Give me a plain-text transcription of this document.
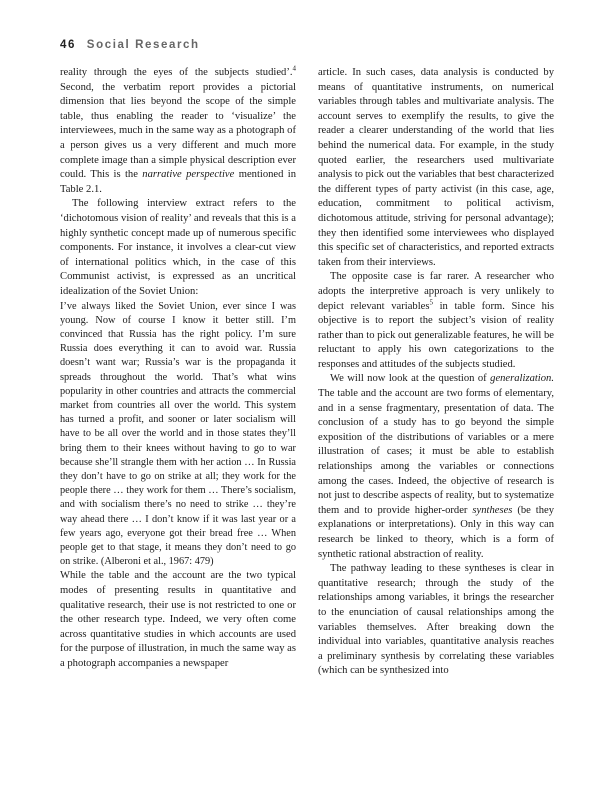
46 Social Research

reality through the eyes of the subjects studied’.$^4$ Second, the verbatim report provides a pictorial dimension that lies beyond the scope of the simple table, thus enabling the reader to ‘visualize’ the interviewees, much in the same way as a photograph of a person gives us a very different and much more complete image than a simple physical description ever could. This is the narrative perspective mentioned in Table 2.1.

The following interview extract refers to the ‘dichotomous vision of reality’ and reveals that this is a highly synthetic concept made up of numerous specific components. For instance, it involves a clear-cut view of international politics which, in the case of this Communist activist, is expressed as an uncritical idealization of the Soviet Union:

I’ve always liked the Soviet Union, ever since I was young. Now of course I know it better still. I’m convinced that Russia has the right policy. I’m sure Russia does everything it can to avoid war. Russia doesn’t want war; Russia’s war is the propaganda it spreads throughout the world. That’s what wins popularity in other countries and attracts the commercial market from countries all over the world. This system has turned a profit, and sooner or later socialism will have to be all over the world and in those states they’ll bring them to their knees without having to go to war because she’ll strangle them with her action … In Russia they don’t have to go on strike at all; they work for the people there … they work for them … There’s socialism, and with socialism there’s no need to strike … they’re way ahead there … I don’t know if it was last year or a few years ago, everyone got their bread free … When people get to that stage, it means they don’t need to go on strike. (Alberoni et al., 1967: 479)

While the table and the account are the two typical modes of presenting results in quantitative and qualitative research, their use is not restricted to one or the other research type. Indeed, we very often come across quantitative studies in which accounts are used for the purpose of illustration, in much the same way as a photograph accompanies a newspaper

article. In such cases, data analysis is conducted by means of quantitative instruments, on numerical variables through tables and multivariate analysis. The account serves to exemplify the results, to give the reader a clearer understanding of the world that lies behind the numerical data. For example, in the study quoted earlier, the researchers used multivariate analysis to pick out the variables that best characterized the different types of party activist (in this case, age, education, commitment to political activism, dichotomous attitude, striving for personal advantage); they then identified some interviewees who displayed this specific set of characteristics, and reported extracts taken from their interviews.

The opposite case is far rarer. A researcher who adopts the interpretive approach is very unlikely to depict relevant variables$^5$ in table form. Since his objective is to report the subject’s vision of reality rather than to pick out generalizable features, he will be reluctant to apply his own categorizations to the responses and attitudes of the subjects studied.

We will now look at the question of generalization. The table and the account are two forms of elementary, and in a sense fragmentary, presentation of data. The conclusion of a study has to go beyond the simple exposition of the distributions of variables or a mere illustration of cases; it must be able to establish relationships among the variables or connections among the cases. Indeed, the objective of research is not just to describe aspects of reality, but to systematize them and to provide higher-order syntheses (be they explanations or interpretations). Only in this way can research be linked to theory, which is a form of synthetic rational abstraction of reality.

The pathway leading to these syntheses is clear in quantitative research; through the study of the relationships among variables, it brings the researcher to the enunciation of causal relationships among the variables themselves. After breaking down the individual into variables, quantitative analysis reaches a preliminary synthesis by correlating these variables (which can be synthesized into
